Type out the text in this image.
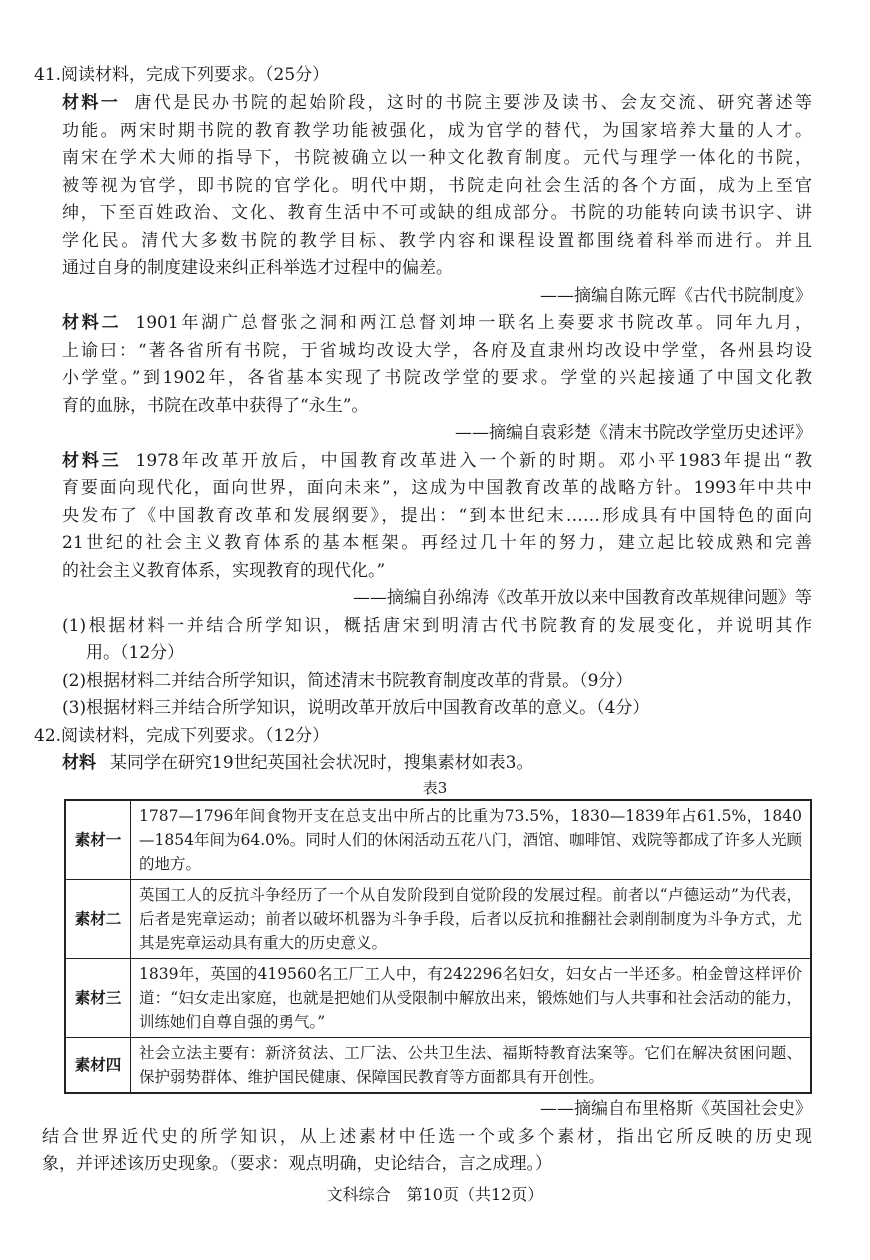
41.阅读材料，完成下列要求。（25分）
材料一 唐代是民办书院的起始阶段，这时的书院主要涉及读书、会友交流、研究著述等
功能。两宋时期书院的教育教学功能被强化，成为官学的替代，为国家培养大量的人才。
南宋在学术大师的指导下，书院被确立以一种文化教育制度。元代与理学一体化的书院，
被等视为官学，即书院的官学化。明代中期，书院走向社会生活的各个方面，成为上至官
绅，下至百姓政治、文化、教育生活中不可或缺的组成部分。书院的功能转向读书识字、讲
学化民。清代大多数书院的教学目标、教学内容和课程设置都围绕着科举而进行。并且
通过自身的制度建设来纠正科举选才过程中的偏差。
——摘编自陈元晖《古代书院制度》
材料二 1901年湖广总督张之洞和两江总督刘坤一联名上奏要求书院改革。同年九月，
上谕曰：“著各省所有书院，于省城均改设大学，各府及直隶州均改设中学堂，各州县均设
小学堂。”到1902年，各省基本实现了书院改学堂的要求。学堂的兴起接通了中国文化教
育的血脉，书院在改革中获得了“永生”。
——摘编自袁彩楚《清末书院改学堂历史述评》
材料三 1978年改革开放后，中国教育改革进入一个新的时期。邓小平1983年提出“教
育要面向现代化，面向世界，面向未来”，这成为中国教育改革的战略方针。1993年中共中
央发布了《中国教育改革和发展纲要》，提出：“到本世纪末……形成具有中国特色的面向
21世纪的社会主义教育体系的基本框架。再经过几十年的努力，建立起比较成熟和完善
的社会主义教育体系，实现教育的现代化。”
——摘编自孙绵涛《改革开放以来中国教育改革规律问题》等
(1)根据材料一并结合所学知识，概括唐宋到明清古代书院教育的发展变化，并说明其作
用。（12分）
(2)根据材料二并结合所学知识，简述清末书院教育制度改革的背景。（9分）
(3)根据材料三并结合所学知识，说明改革开放后中国教育改革的意义。（4分）
42.阅读材料，完成下列要求。（12分）
材料 某同学在研究19世纪英国社会状况时，搜集素材如表3。
表3
素材一	1787—1796年间食物开支在总支出中所占的比重为73.5%，1830—1839年占61.5%，1840—1854年间为64.0%。同时人们的休闲活动五花八门，酒馆、咖啡馆、戏院等都成了许多人光顾的地方。
素材二	英国工人的反抗斗争经历了一个从自发阶段到自觉阶段的发展过程。前者以“卢德运动”为代表，后者是宪章运动；前者以破坏机器为斗争手段，后者以反抗和推翻社会剥削制度为斗争方式，尤其是宪章运动具有重大的历史意义。
素材三	1839年，英国的419560名工厂工人中，有242296名妇女，妇女占一半还多。柏金曾这样评价道：“妇女走出家庭，也就是把她们从受限制中解放出来，锻炼她们与人共事和社会活动的能力，训练她们自尊自强的勇气。”
素材四	社会立法主要有：新济贫法、工厂法、公共卫生法、福斯特教育法案等。它们在解决贫困问题、保护弱势群体、维护国民健康、保障国民教育等方面都具有开创性。
——摘编自布里格斯《英国社会史》
结合世界近代史的所学知识，从上述素材中任选一个或多个素材，指出它所反映的历史现
象，并评述该历史现象。（要求：观点明确，史论结合，言之成理。）
文科综合　第10页（共12页）
